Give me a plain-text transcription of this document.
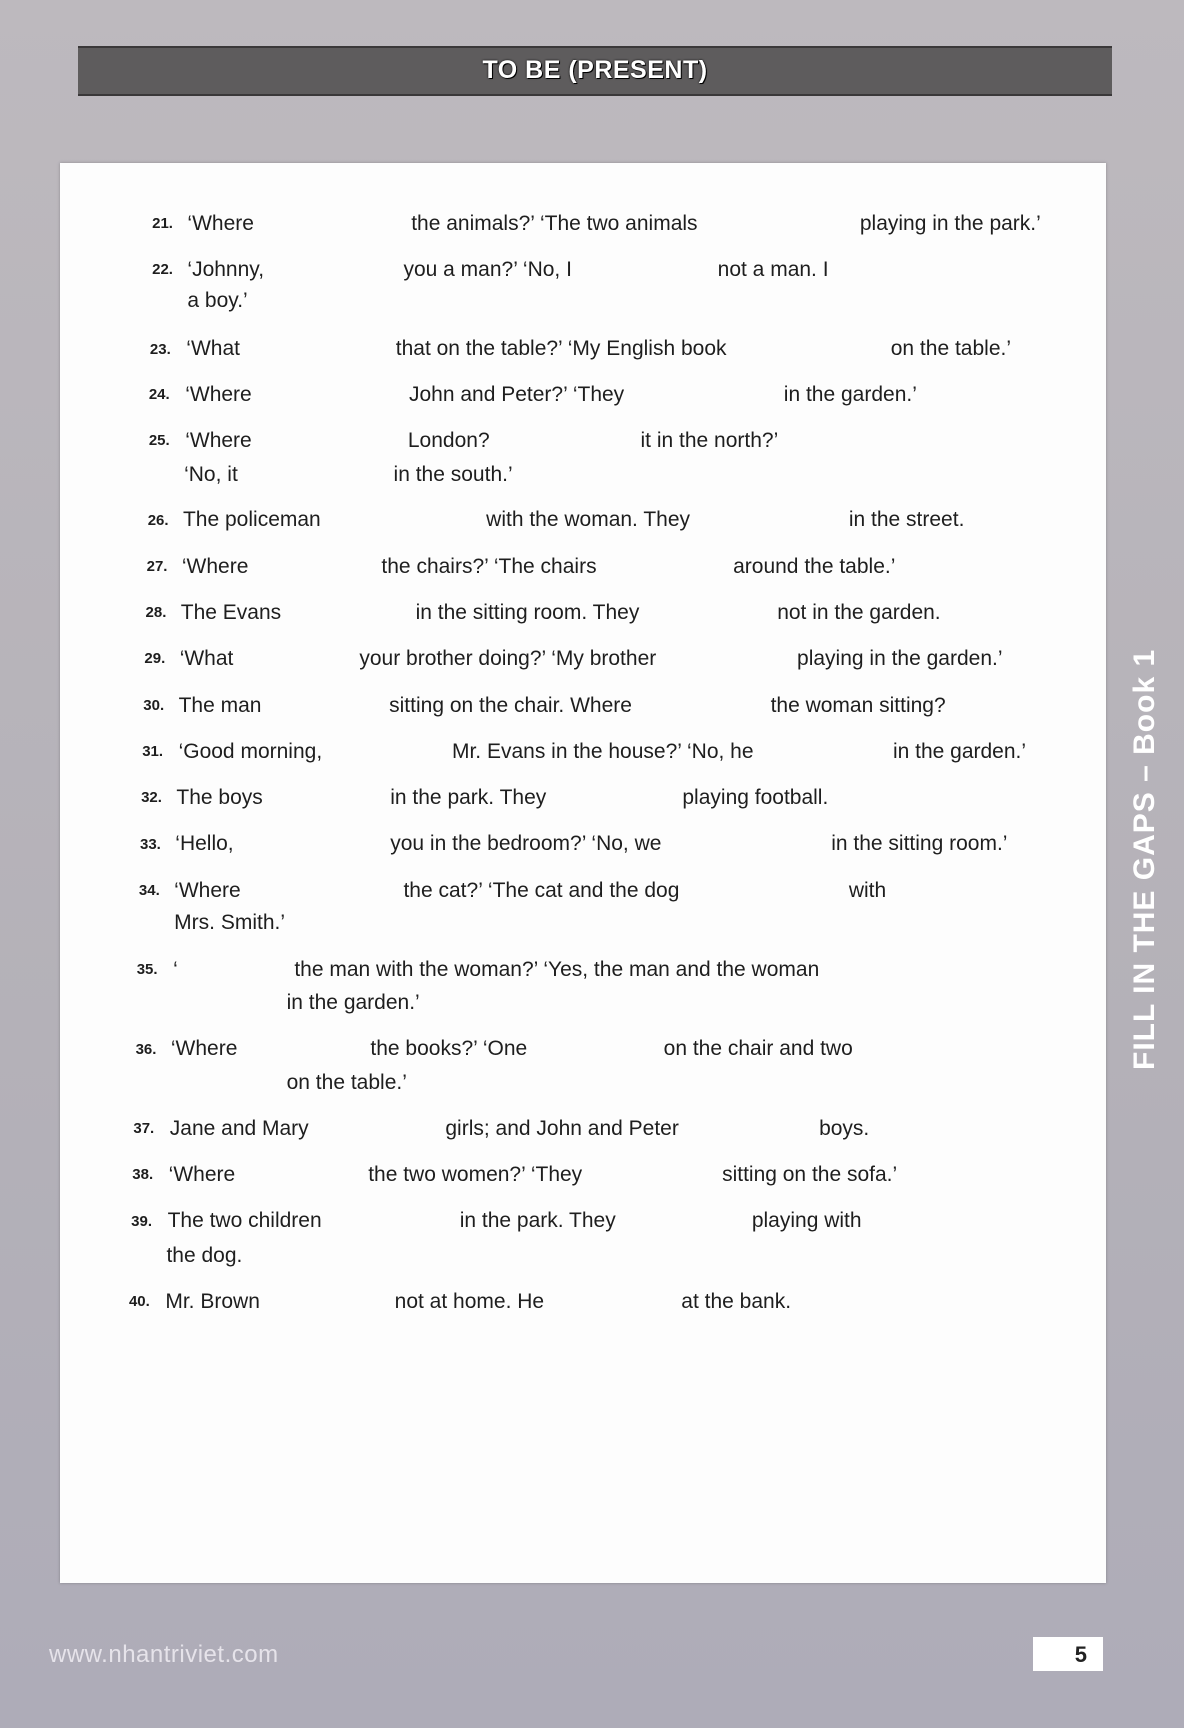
TO BE (PRESENT)
21. ‘Where	the animals?’ ‘The two animals	playing in the park.’
22. ‘Johnny,	you a man?’ ‘No, I	not a man. I
a boy.’
23. ‘What	that on the table?’ ‘My English book	on the table.’
24. ‘Where	John and Peter?’ ‘They	in the garden.’
25. ‘Where	London?	it in the north?’
‘No, it	in the south.’
26. The policeman	with the woman. They	in the street.
27. ‘Where	the chairs?’ ‘The chairs	around the table.’
28. The Evans	in the sitting room. They	not in the garden.
29. ‘What	your brother doing?’ ‘My brother	playing in the garden.’
30. The man	sitting on the chair. Where	the woman sitting?
31. ‘Good morning,	Mr. Evans in the house?’ ‘No, he	in the garden.’
32. The boys	in the park. They	playing football.
33. ‘Hello,	you in the bedroom?’ ‘No, we	in the sitting room.’
34. ‘Where	the cat?’ ‘The cat and the dog	with
Mrs. Smith.’
35. ‘	the man with the woman?’ ‘Yes, the man and the woman
in the garden.’
36. ‘Where	the books?’ ‘One	on the chair and two
on the table.’
37. Jane and Mary	girls; and John and Peter	boys.
38. ‘Where	the two women?’ ‘They	sitting on the sofa.’
39. The two children	in the park. They	playing with
the dog.
40. Mr. Brown	not at home. He	at the bank.
FILL IN THE GAPS – Book 1
www.nhantriviet.com	5
